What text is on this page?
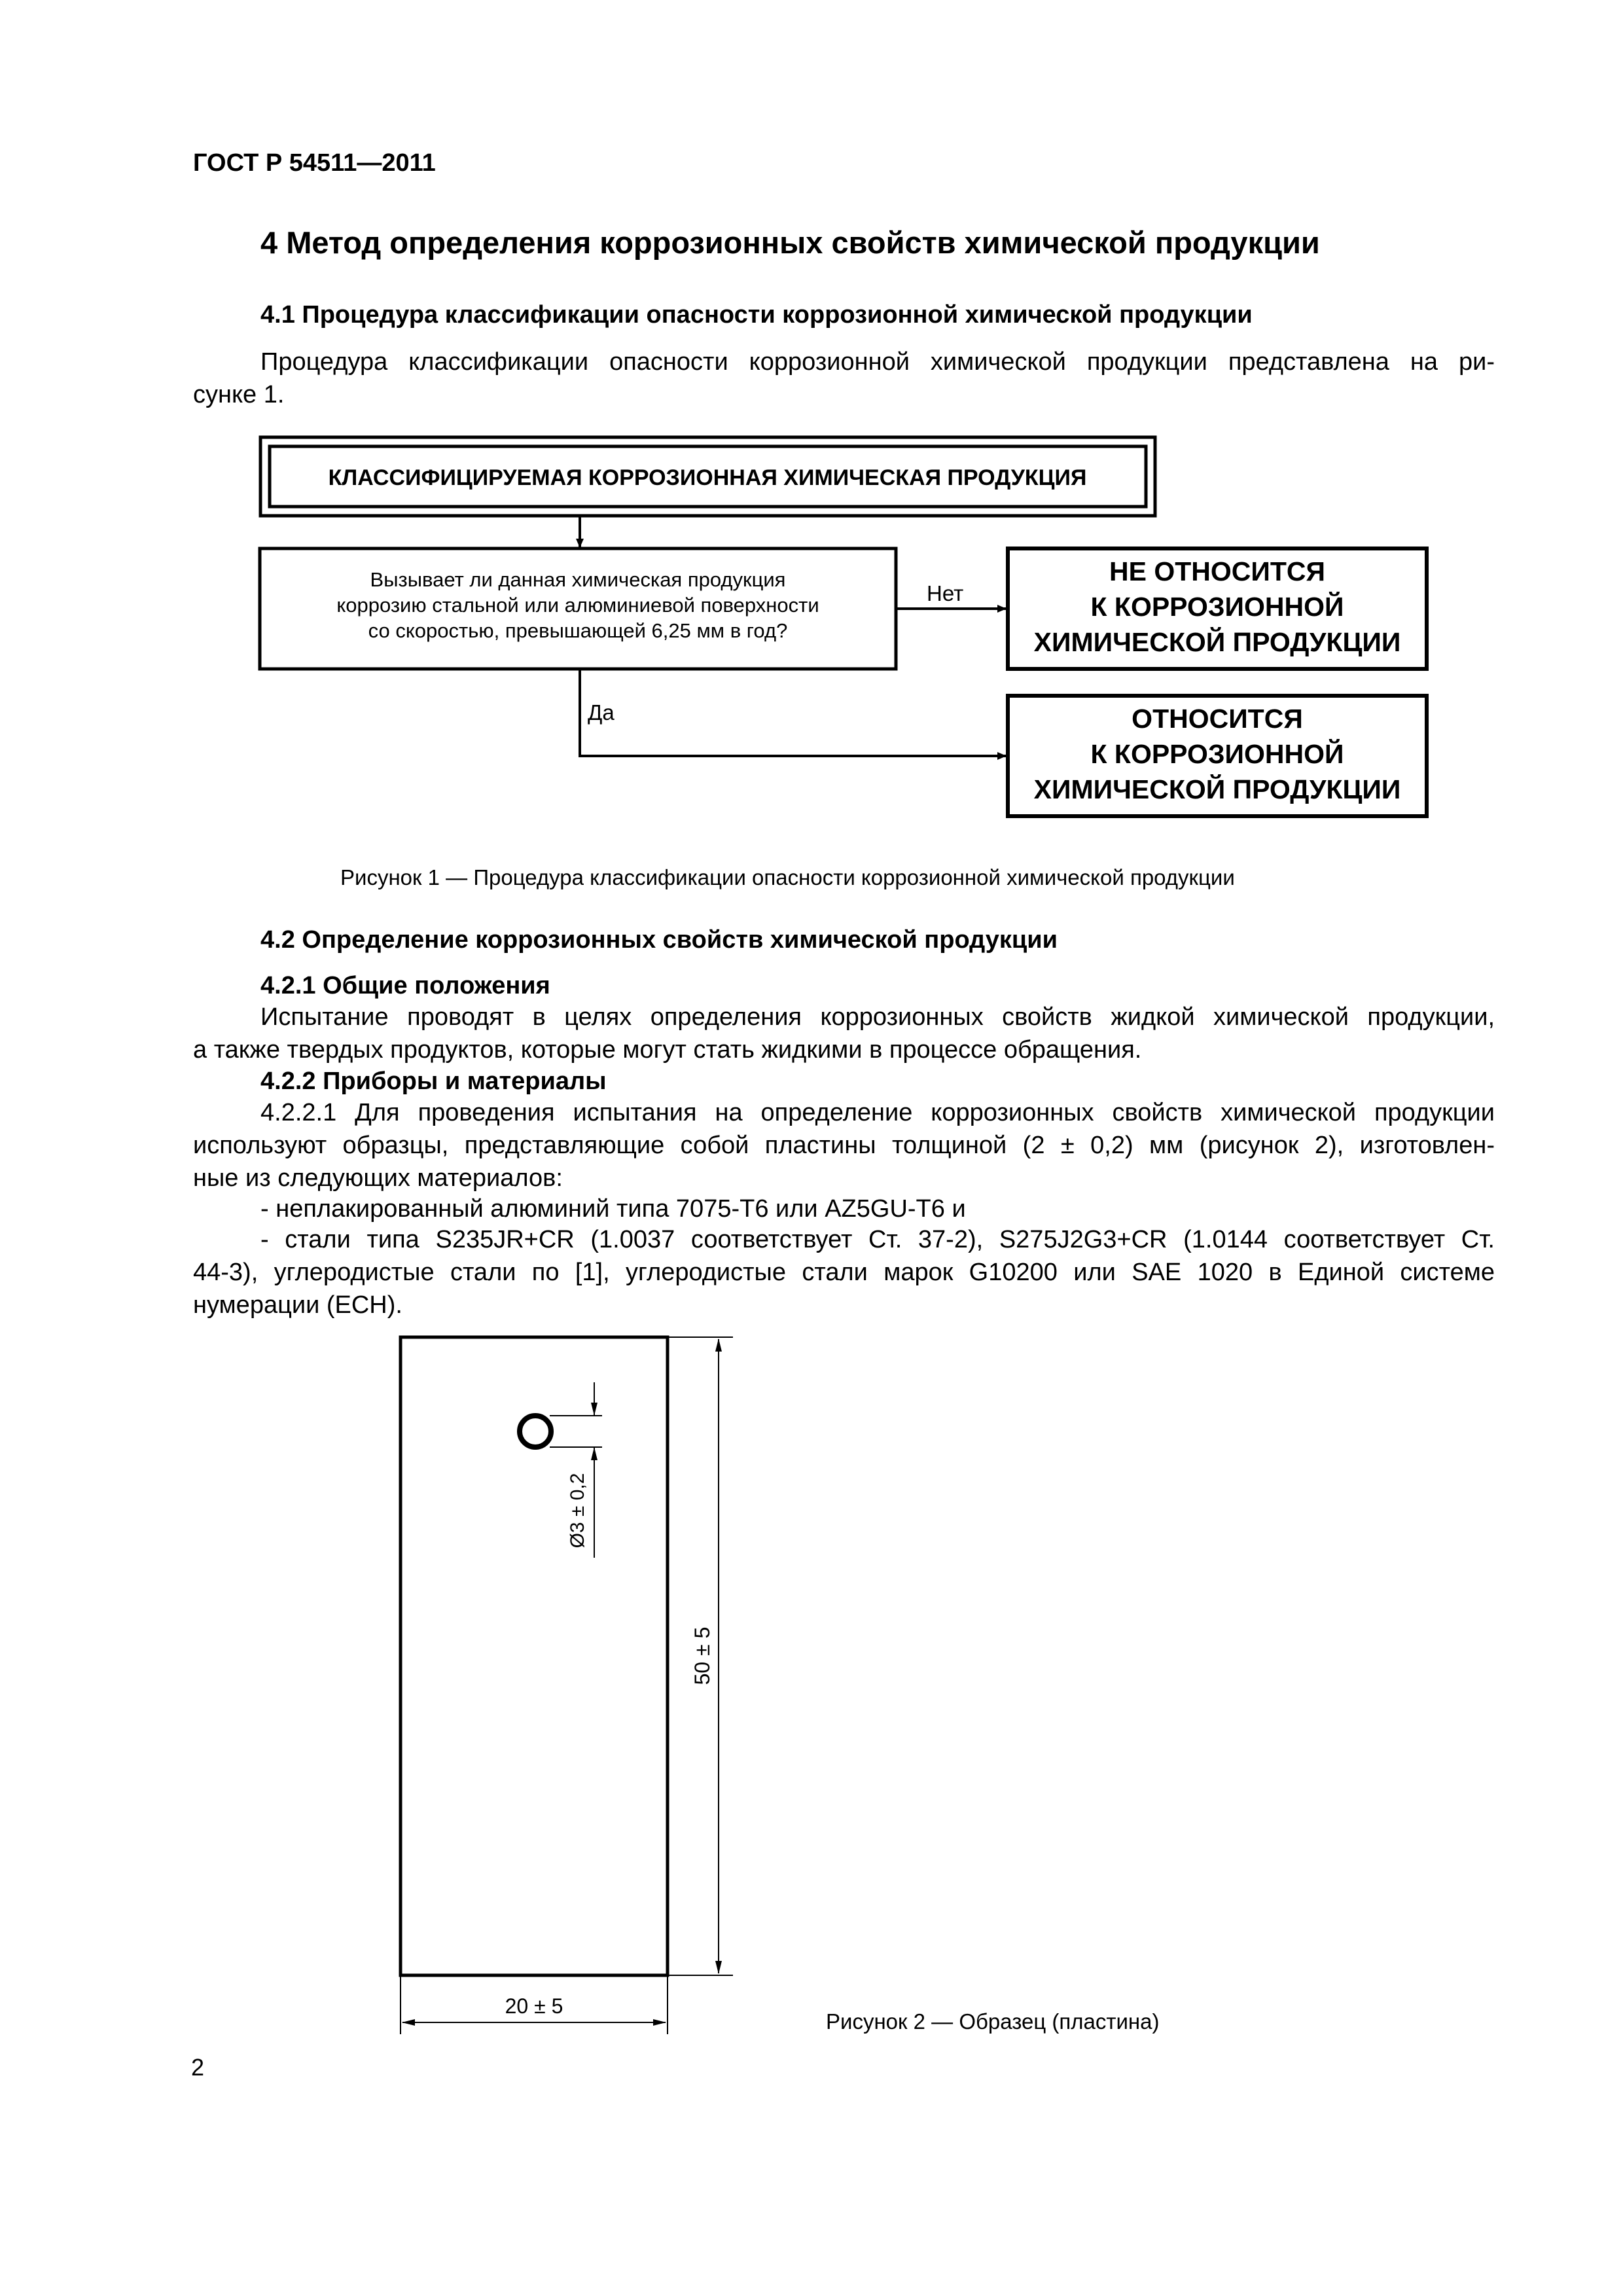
ГОСТ Р 54511—2011
4 Метод определения коррозионных свойств химической продукции
4.1 Процедура классификации опасности коррозионной химической продукции
Процедура классификации опасности коррозионной химической продукции представлена на ри-
сунке 1.
КЛАССИФИЦИРУЕМАЯ КОРРОЗИОННАЯ ХИМИЧЕСКАЯ ПРОДУКЦИЯ
Вызывает ли данная химическая продукция
коррозию стальной или алюминиевой поверхности
со скоростью, превышающей 6,25 мм в год?
Нет
НЕ ОТНОСИТСЯ
К КОРРОЗИОННОЙ
ХИМИЧЕСКОЙ ПРОДУКЦИИ
Да	ОТНОСИТСЯ
К КОРРОЗИОННОЙ
ХИМИЧЕСКОЙ ПРОДУКЦИИ
Рисунок 1 — Процедура классификации опасности коррозионной химической продукции
4.2 Определение коррозионных свойств химической продукции
4.2.1 Общие положения
Испытание проводят в целях определения коррозионных свойств жидкой химической продукции,
а также твердых продуктов, которые могут стать жидкими в процессе обращения.
4.2.2 Приборы и материалы
4.2.2.1 Для проведения испытания на определение коррозионных свойств химической продукции
используют образцы, представляющие собой пластины толщиной (2 ± 0,2) мм (рисунок 2), изготовлен-
ные из следующих материалов:
- неплакированный алюминий типа 7075-Т6 или AZ5GU-T6 и
- стали типа S235JR+CR (1.0037 соответствует Ст. 37-2), S275J2G3+CR (1.0144 соответствует Ст.
44-3), углеродистые стали по [1], углеродистые стали марок G10200 или SAE 1020 в Единой системе
нумерации (ЕСН).
Ø3 ± 0,2
50 ± 5
20 ± 5
Рисунок 2 — Образец (пластина)
2
